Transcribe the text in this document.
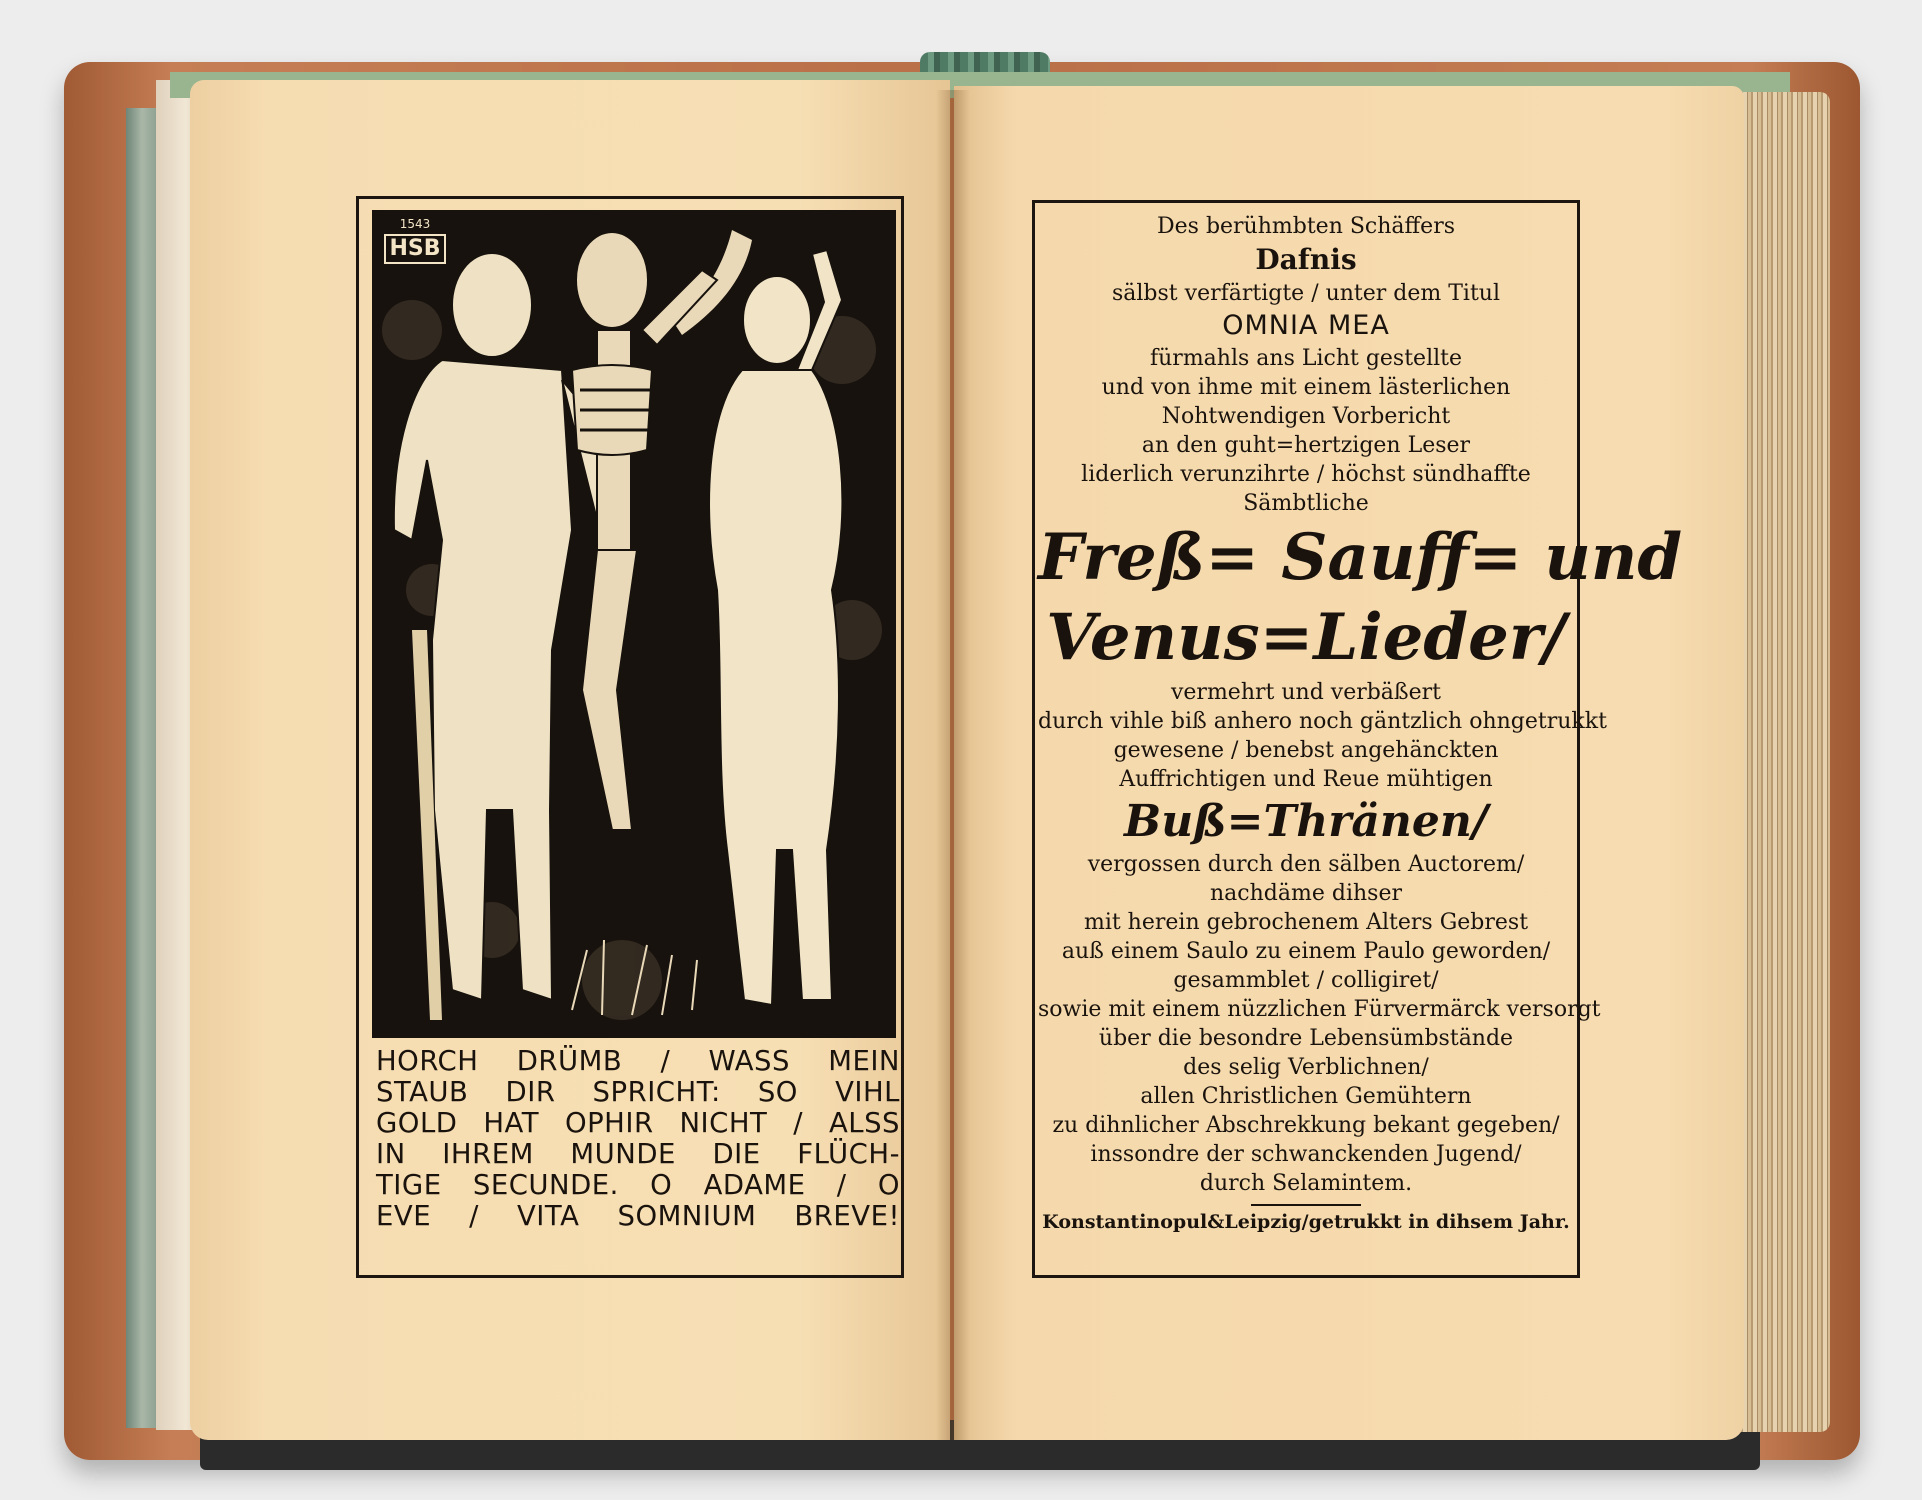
1543
HSB

HORCH DRÜMB / WASS MEIN
STAUB DIR SPRICHT: SO VIHL
GOLD HAT OPHIR NICHT / ALSS
IN IHREM MUNDE DIE FLÜCH-
TIGE SECUNDE. O ADAME / O
EVE / VITA SOMNIUM BREVE!

Des berühmbten Schäffers
Dafnis
sälbst verfärtigte / unter dem Titul
OMNIA MEA
fürmahls ans Licht gestellte
und von ihme mit einem lästerlichen
Nohtwendigen Vorbericht
an den guht=hertzigen Leser
liderlich verunzihrte / höchst sündhaffte
Sämbtliche
Freß= Sauff= und
Venus=Lieder/
vermehrt und verbäßert
durch vihle biß anhero noch gäntzlich ohngetrukkt
gewesene / benebst angehänckten
Auffrichtigen und Reue mühtigen
Buß=Thränen/
vergossen durch den sälben Auctorem/
nachdäme dihser
mit herein gebrochenem Alters Gebrest
auß einem Saulo zu einem Paulo geworden/
gesammblet / colligiret/
sowie mit einem nüzzlichen Fürvermärck versorgt
über die besondre Lebensümbstände
des selig Verblichnen/
allen Christlichen Gemühtern
zu dihnlicher Abschrekkung bekant gegeben/
inssondre der schwanckenden Jugend/
durch Selamintem.
Konstantinopul&Leipzig/getrukkt in dihsem Jahr.
